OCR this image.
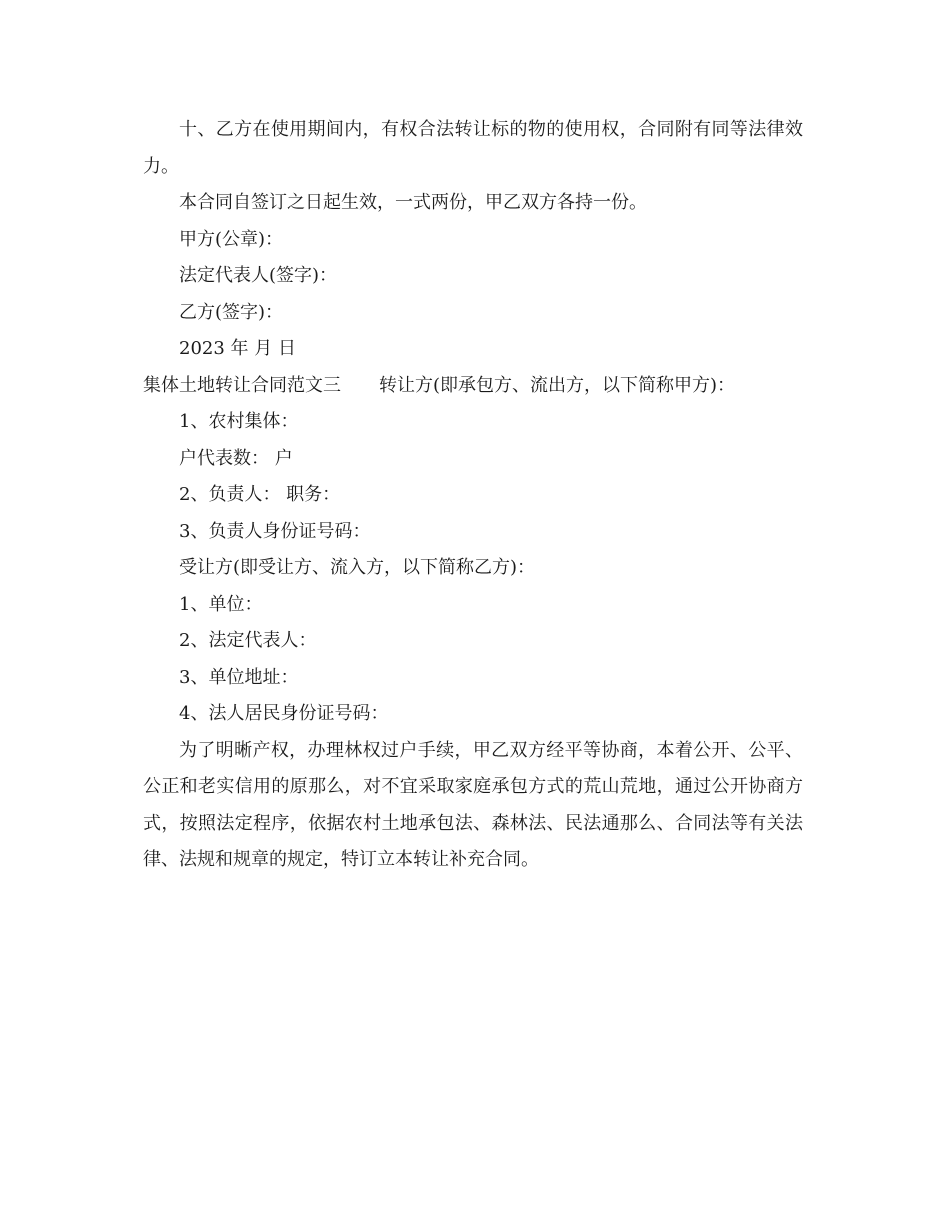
十、乙方在使用期间内，有权合法转让标的物的使用权，合同附有同等法律效力。

本合同自签订之日起生效，一式两份，甲乙双方各持一份。

甲方(公章)：

法定代表人(签字)：

乙方(签字)：

2023 年 月 日

集体土地转让合同范文三 转让方(即承包方、流出方，以下简称甲方)：

1、农村集体：

户代表数： 户

2、负责人： 职务：

3、负责人身份证号码：

受让方(即受让方、流入方，以下简称乙方)：

1、单位：

2、法定代表人：

3、单位地址：

4、法人居民身份证号码：

为了明晰产权，办理林权过户手续，甲乙双方经平等协商，本着公开、公平、公正和老实信用的原那么，对不宜采取家庭承包方式的荒山荒地，通过公开协商方式，按照法定程序，依据农村土地承包法、森林法、民法通那么、合同法等有关法律、法规和规章的规定，特订立本转让补充合同。
